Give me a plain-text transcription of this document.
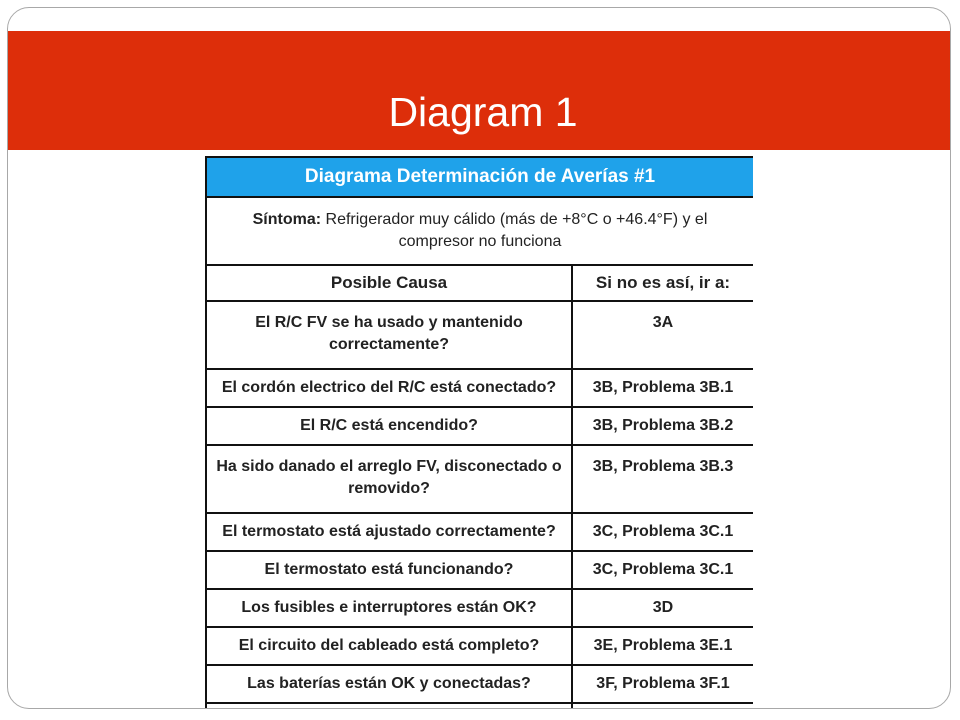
Diagram 1
Diagrama Determinación de Averías #1	
Síntoma: Refrigerador muy cálido (más de +8°C o +46.4°F) y el compresor no funciona	
Posible Causa	Si no es así, ir a:
El R/C FV se ha usado y mantenido correctamente?	3A
El cordón electrico del R/C está conectado?	3B, Problema 3B.1
El R/C está encendido?	3B, Problema 3B.2
Ha sido danado el arreglo FV, disconectado o removido?	3B, Problema 3B.3
El termostato está ajustado correctamente?	3C, Problema 3C.1
El termostato está funcionando?	3C, Problema 3C.1
Los fusibles e interruptores están OK?	3D
El circuito del cableado está completo?	3E, Problema 3E.1
Las baterías están OK y conectadas?	3F, Problema 3F.1
